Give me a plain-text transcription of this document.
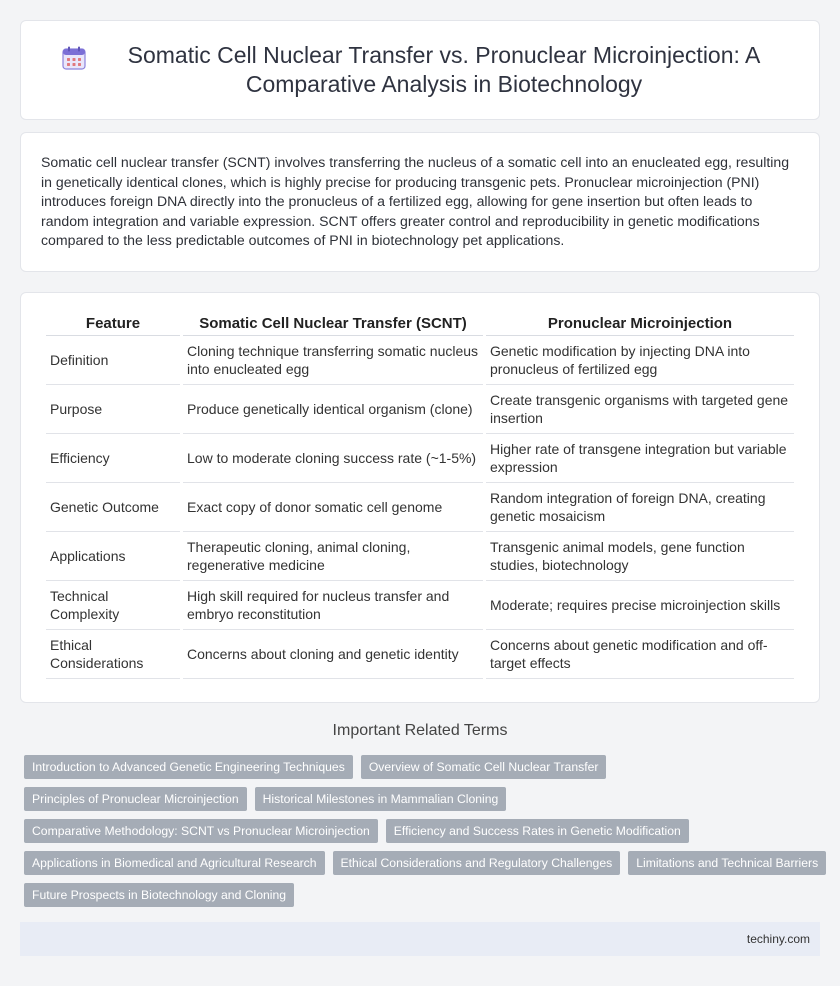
Somatic Cell Nuclear Transfer vs. Pronuclear Microinjection: A Comparative Analysis in Biotechnology

Somatic cell nuclear transfer (SCNT) involves transferring the nucleus of a somatic cell into an enucleated egg, resulting in genetically identical clones, which is highly precise for producing transgenic pets. Pronuclear microinjection (PNI) introduces foreign DNA directly into the pronucleus of a fertilized egg, allowing for gene insertion but often leads to random integration and variable expression. SCNT offers greater control and reproducibility in genetic modifications compared to the less predictable outcomes of PNI in biotechnology pet applications.

Feature	Somatic Cell Nuclear Transfer (SCNT)	Pronuclear Microinjection
Definition	Cloning technique transferring somatic nucleus into enucleated egg	Genetic modification by injecting DNA into pronucleus of fertilized egg
Purpose	Produce genetically identical organism (clone)	Create transgenic organisms with targeted gene insertion
Efficiency	Low to moderate cloning success rate (~1-5%)	Higher rate of transgene integration but variable expression
Genetic Outcome	Exact copy of donor somatic cell genome	Random integration of foreign DNA, creating genetic mosaicism
Applications	Therapeutic cloning, animal cloning, regenerative medicine	Transgenic animal models, gene function studies, biotechnology
Technical Complexity	High skill required for nucleus transfer and embryo reconstitution	Moderate; requires precise microinjection skills
Ethical Considerations	Concerns about cloning and genetic identity	Concerns about genetic modification and off-target effects
Important Related Terms
Introduction to Advanced Genetic Engineering Techniques	Overview of Somatic Cell Nuclear Transfer
Principles of Pronuclear Microinjection	Historical Milestones in Mammalian Cloning
Comparative Methodology: SCNT vs Pronuclear Microinjection	Efficiency and Success Rates in Genetic Modification
Applications in Biomedical and Agricultural Research	Ethical Considerations and Regulatory Challenges	Limitations and Technical Barriers
Future Prospects in Biotechnology and Cloning
techiny.com
